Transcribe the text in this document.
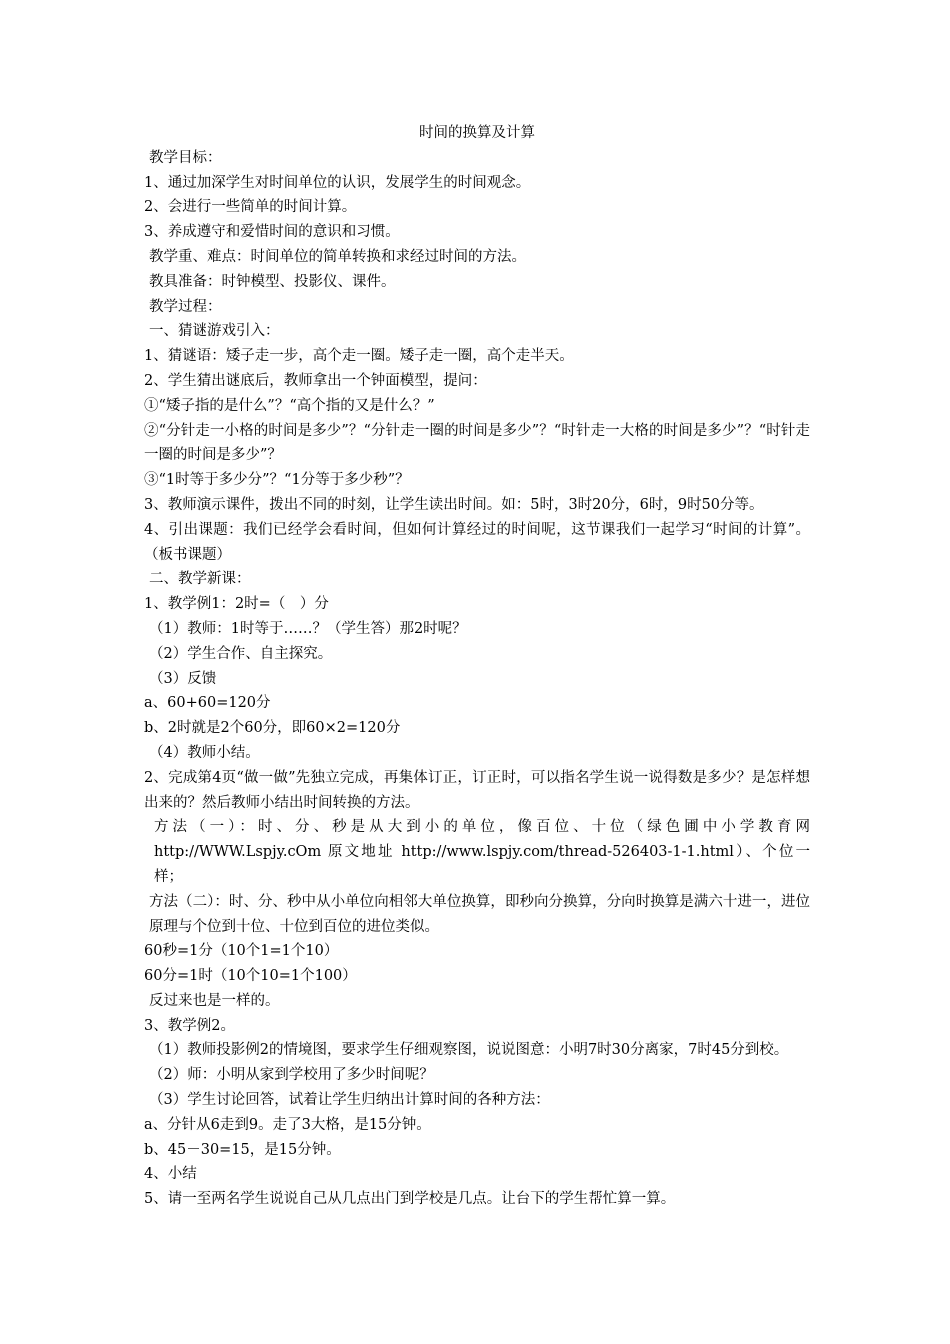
时间的换算及计算

教学目标：

1、通过加深学生对时间单位的认识，发展学生的时间观念。

2、会进行一些简单的时间计算。

3、养成遵守和爱惜时间的意识和习惯。

教学重、难点：时间单位的简单转换和求经过时间的方法。

教具准备：时钟模型、投影仪、课件。

教学过程：

一、猜谜游戏引入：

1、猜谜语：矮子走一步，高个走一圈。矮子走一圈，高个走半天。

2、学生猜出谜底后，教师拿出一个钟面模型，提问：

①“矮子指的是什么”？“高个指的又是什么？”

②“分针走一小格的时间是多少”？“分针走一圈的时间是多少”？“时针走一大格的时间是多少”？“时针走一圈的时间是多少”？

③“1时等于多少分”？“1分等于多少秒”？

3、教师演示课件，拨出不同的时刻，让学生读出时间。如：5时，3时20分，6时，9时50分等。

4、引出课题：我们已经学会看时间，但如何计算经过的时间呢，这节课我们一起学习“时间的计算”。（板书课题）

二、教学新课：

1、教学例1：2时=（　）分

（1）教师：1时等于……？（学生答）那2时呢？

（2）学生合作、自主探究。

（3）反馈

a、60+60=120分

b、2时就是2个60分，即60×2=120分

（4）教师小结。

2、完成第4页“做一做”先独立完成，再集体订正，订正时，可以指名学生说一说得数是多少？是怎样想出来的？然后教师小结出时间转换的方法。

方法（一）：时、分、秒是从大到小的单位，像百位、十位（绿色圃中小学教育网http://WWW.Lspjy.cOm 原文地址 http://www.lspjy.com/thread-526403-1-1.html）、个位一样；

方法（二）：时、分、秒中从小单位向相邻大单位换算，即秒向分换算，分向时换算是满六十进一，进位原理与个位到十位、十位到百位的进位类似。

60秒=1分（10个1=1个10）

60分=1时（10个10=1个100）

反过来也是一样的。

3、教学例2。

（1）教师投影例2的情境图，要求学生仔细观察图，说说图意：小明7时30分离家，7时45分到校。

（2）师：小明从家到学校用了多少时间呢？

（3）学生讨论回答，试着让学生归纳出计算时间的各种方法：

a、分针从6走到9。走了3大格，是15分钟。

b、45－30=15，是15分钟。

4、小结

5、请一至两名学生说说自己从几点出门到学校是几点。让台下的学生帮忙算一算。
